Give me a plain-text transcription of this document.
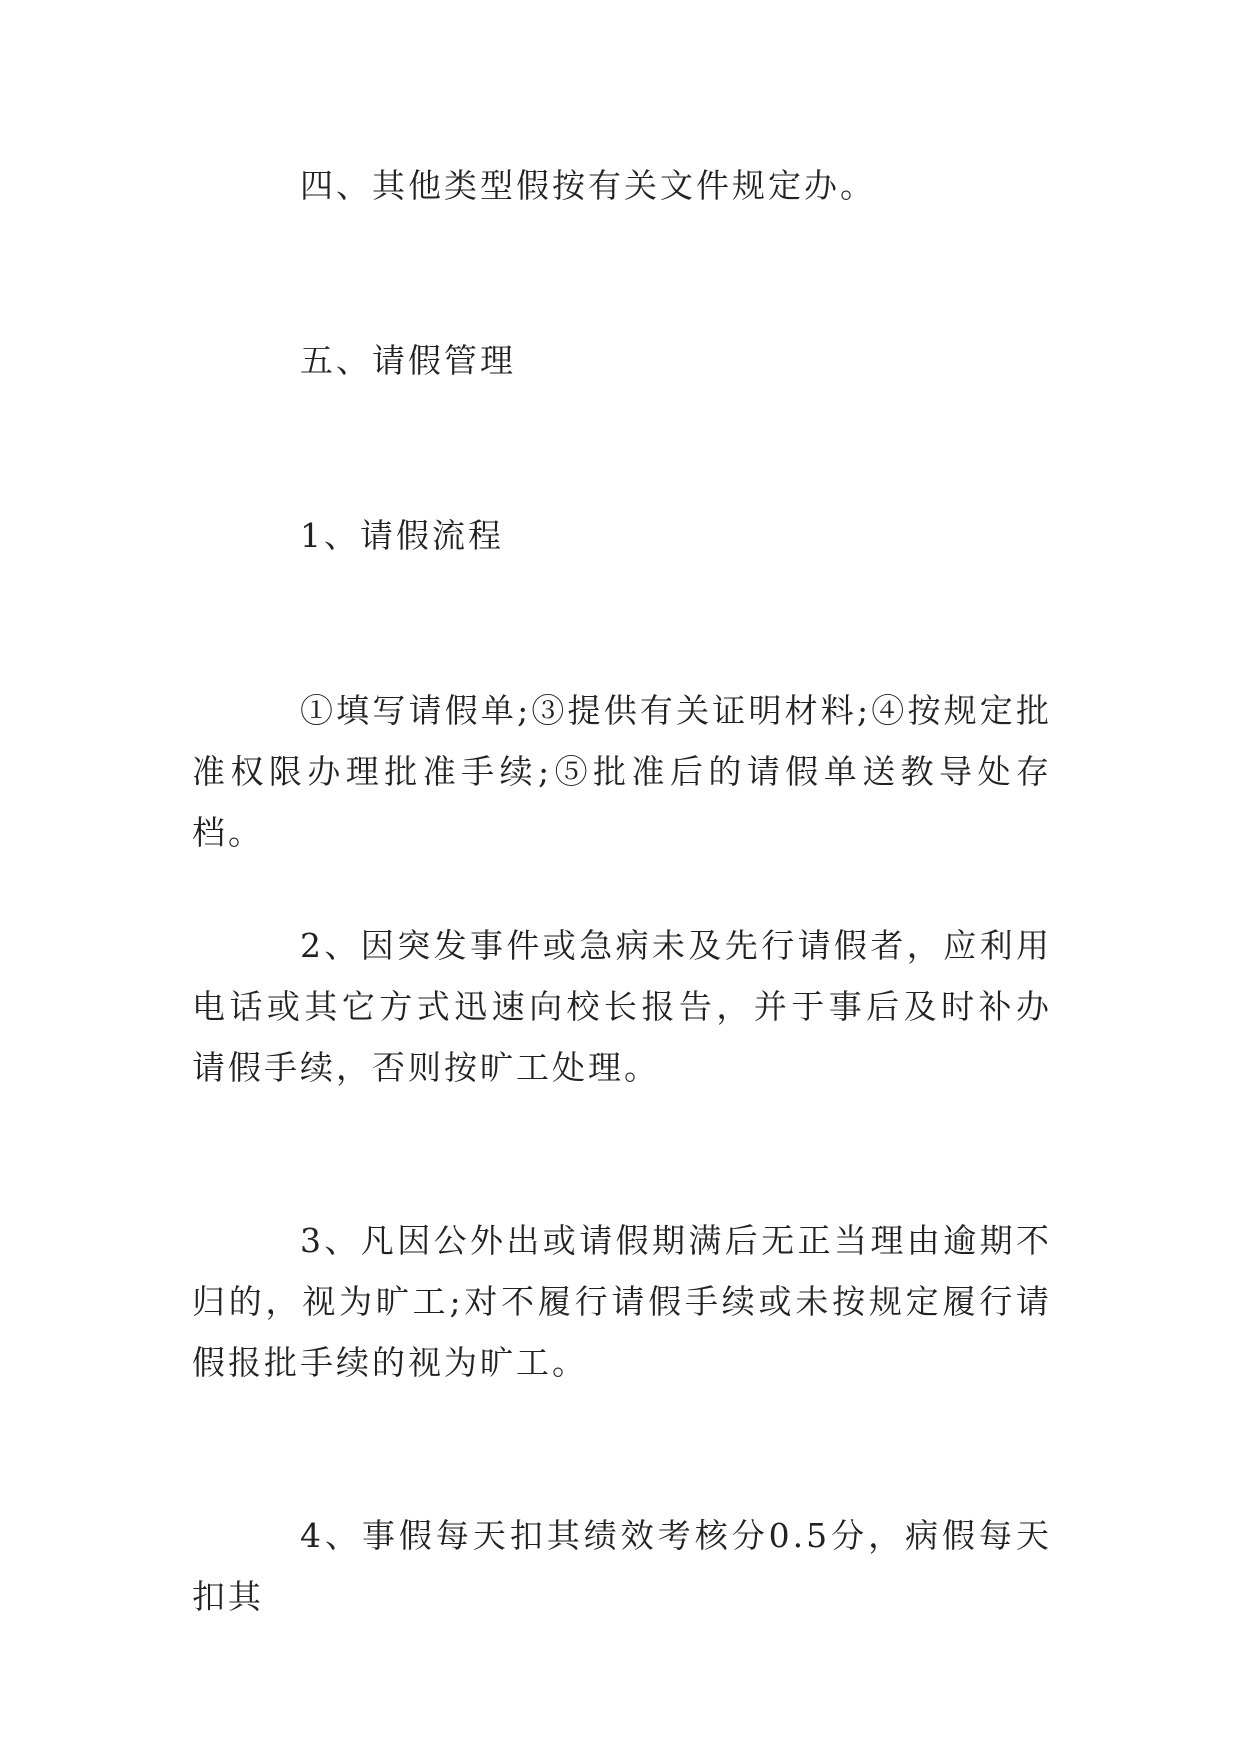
四、其他类型假按有关文件规定办。

五、请假管理

1、请假流程

①填写请假单;③提供有关证明材料;④按规定批准权限办理批准手续;⑤批准后的请假单送教导处存档。

2、因突发事件或急病未及先行请假者，应利用电话或其它方式迅速向校长报告，并于事后及时补办请假手续，否则按旷工处理。

3、凡因公外出或请假期满后无正当理由逾期不归的，视为旷工;对不履行请假手续或未按规定履行请假报批手续的视为旷工。

4、事假每天扣其绩效考核分0.5分，病假每天扣其
